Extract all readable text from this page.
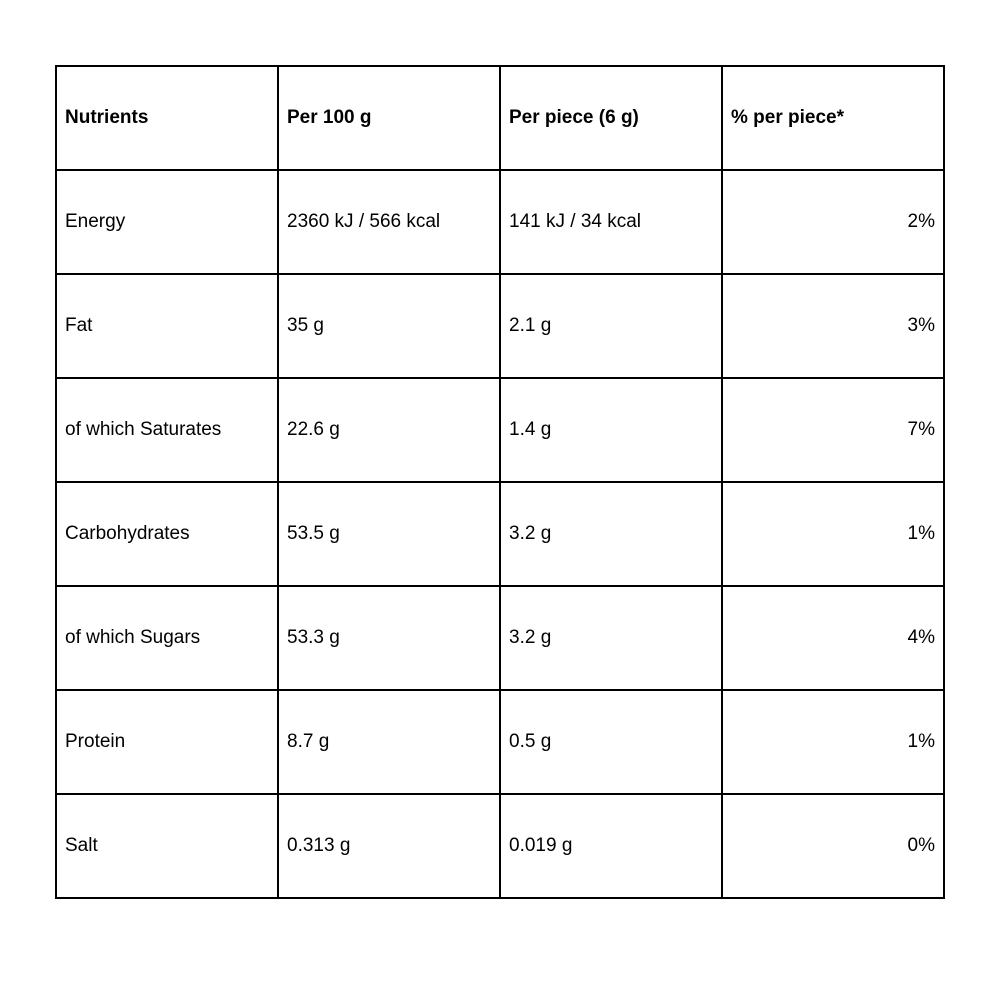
Nutrients	Per 100 g	Per piece (6 g)	% per piece*
Energy	2360 kJ / 566 kcal	141 kJ / 34 kcal	2%
Fat	35 g	2.1 g	3%
of which Saturates	22.6 g	1.4 g	7%
Carbohydrates	53.5 g	3.2 g	1%
of which Sugars	53.3 g	3.2 g	4%
Protein	8.7 g	0.5 g	1%
Salt	0.313 g	0.019 g	0%
